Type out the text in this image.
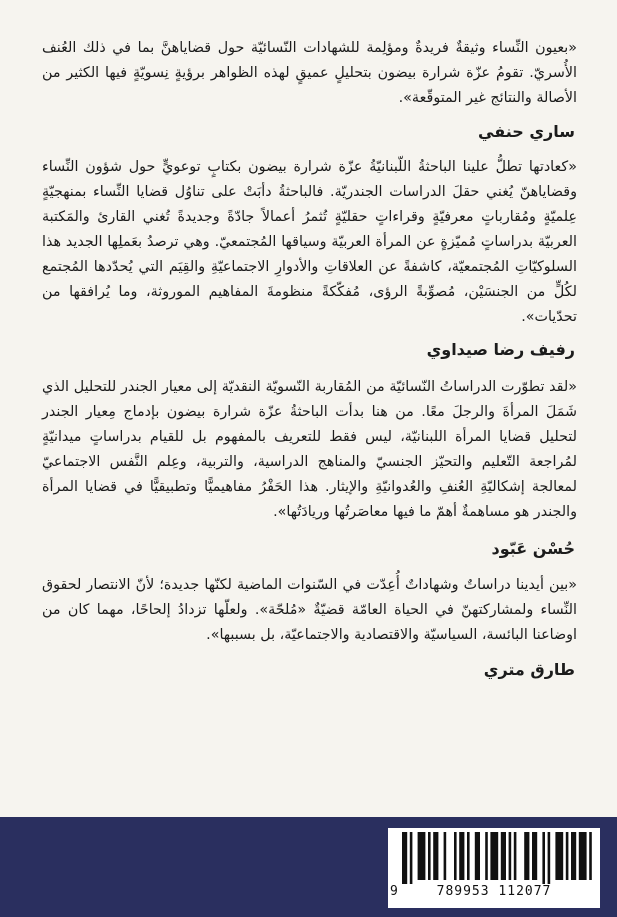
«بعيون النِّساء وثيقةٌ فريدةٌ ومؤلِمة للشهادات النّسائيّة حول قضاياهنَّ بما في ذلك العُنف الأُسريّ. تقومُ عزّة شرارة بيضون بتحليلٍ عميقٍ لهذه الظواهر برؤيةٍ نِسويّةٍ فيها الكثير من الأصالة والنتائج غير المتوقّعة».

ساري حنفي

«كعادتها تطلُّ علينا الباحثةُ اللّبنانيّةُ عزّة شرارة بيضون بكتابٍ توعويٍّ حول شؤون النِّساء وقضاياهنّ يُغني حقلَ الدراسات الجندريّة. فالباحثةُ دأبَتْ على تناوُل قضايا النِّساء بمنهجيّةٍ عِلميّةٍ ومُقارباتٍ معرفيّةٍ وقراءاتٍ حقليّةٍ تُثمرُ أعمالاً جادّةً وجديدةً تُغني القارئ والمَكتبة العربيّة بدراساتٍ مُميّزةٍ عن المرأة العربيّة وسياقها المُجتمعيّ. وهي ترصدُ بعَملِها الجديد هذا السلوكيّاتِ المُجتمعيّة، كاشفةً عن العلاقاتِ والأدوارِ الاجتماعيّةِ والقِيَم التي يُحدّدها المُجتمع لكُلٍّ من الجنسَيْن، مُصوِّبةً الرؤى، مُفكّكةً منظومةَ المفاهيم الموروثة، وما يُرافقها من تحدّيات».

رفيف رضا صيداوي

«لقد تطوّرت الدراساتُ النّسائيّة من المُقاربة النّسويّة النقديّة إلى معيار الجندر للتحليل الذي شَمَلَ المرأةَ والرجلَ معًا. من هنا بدأت الباحثةُ عزّة شرارة بيضون بإدماج مِعيار الجندر لتحليل قضايا المرأة اللبنانيّة، ليس فقط للتعريف بالمفهوم بل للقيام بدراساتٍ ميدانيّةٍ لمُراجعة التّعليم والتحيّز الجنسيّ والمناهج الدراسية، والتربية، وعِلم النَّفس الاجتماعيّ لمعالجة إشكاليّةِ العُنفِ والعُدوانيّةِ والإيثار. هذا الحَفْرُ مفاهيميًّا وتطبيقيًّا في قضايا المرأة والجندر هو مساهمةٌ أهمّ ما فيها معاصَرتُها وريادَتُها».

حُسْن عَبّود

«بين أيدينا دراساتٌ وشهاداتٌ أُعِدّت في السّنوات الماضية لكنّها جديدة؛ لأنّ الانتصار لحقوق النِّساء ولمشاركتهنّ في الحياة العامّة قضيّةٌ «مُلحّة». ولعلّها تزدادُ إلحاحًا، مهما كان من اوضاعنا البائسة، السياسيّة والاقتصادية والاجتماعيّة، بل بسببها».

طارق متري

9	789953 112077
